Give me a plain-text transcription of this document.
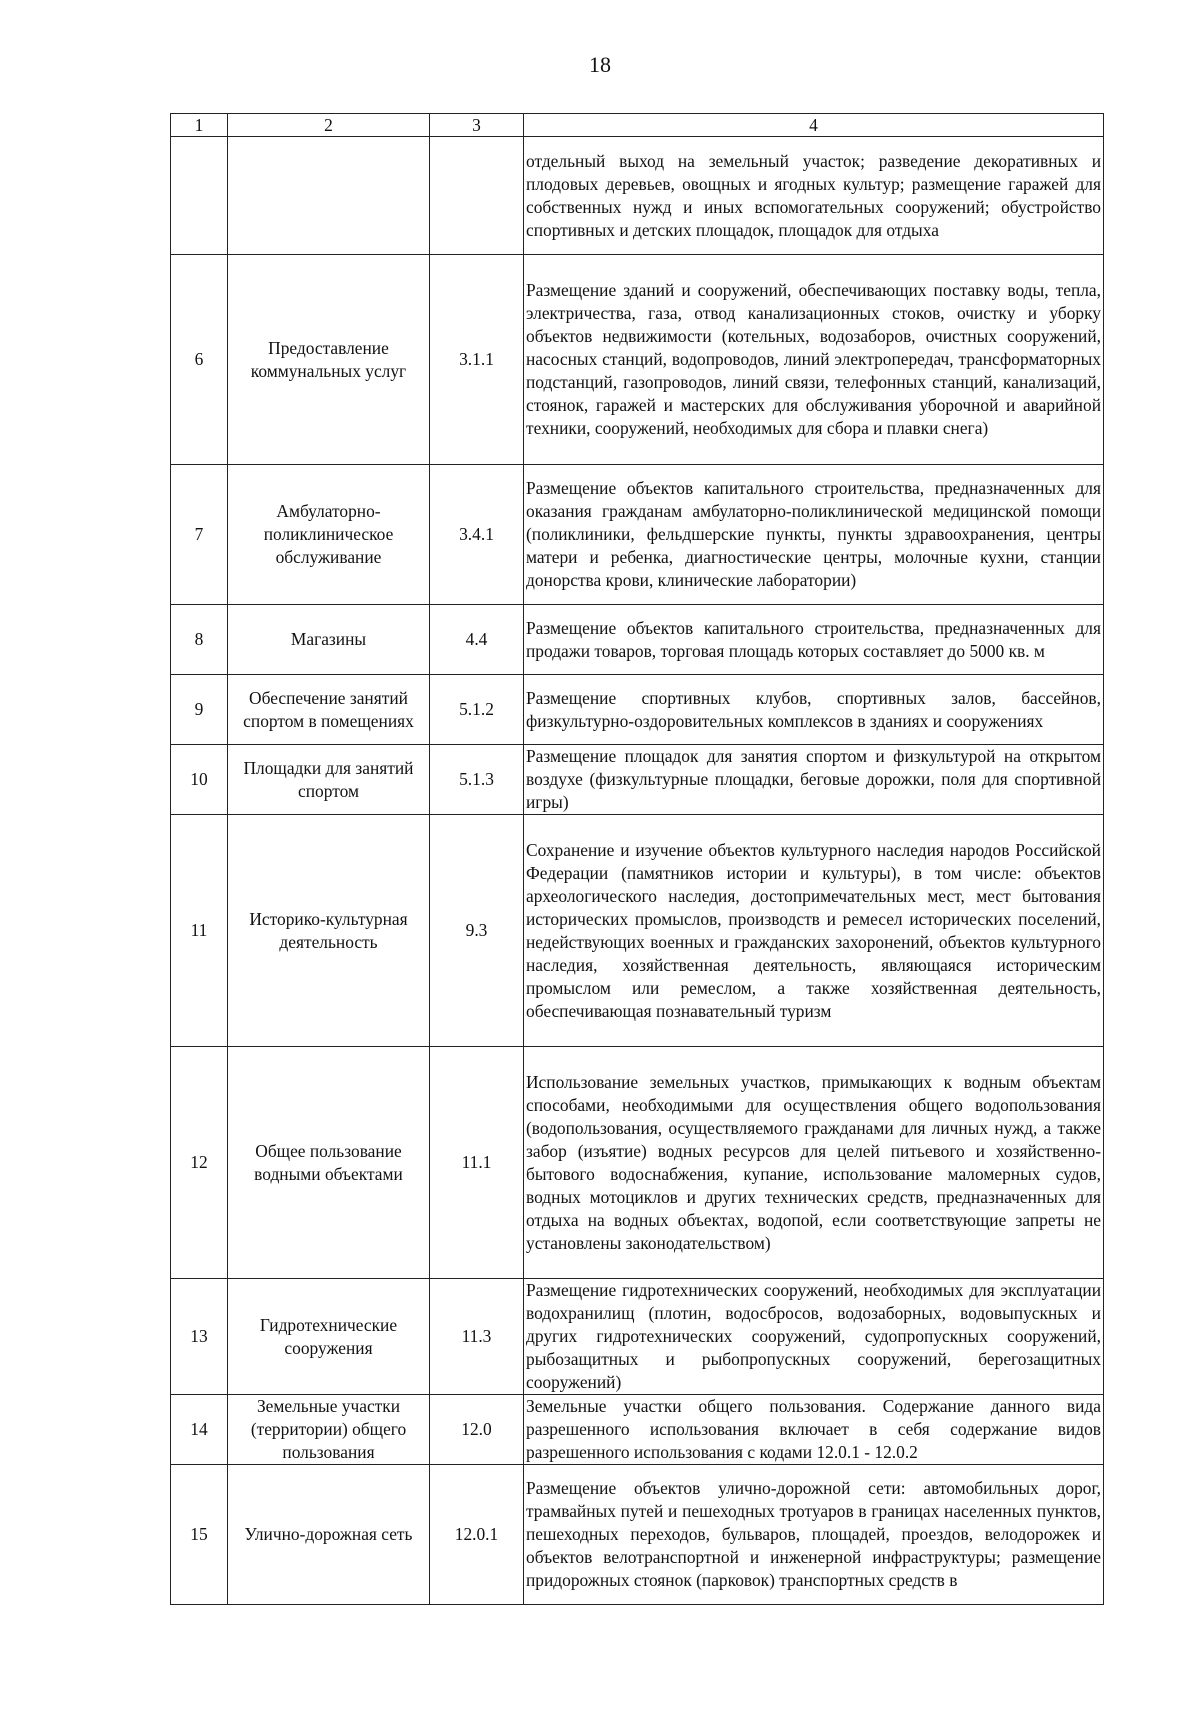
18
1	2	3	4
			отдельный выход на земельный участок; разведение декоративных и плодовых деревьев, овощных и ягодных культур; размещение гаражей для собственных нужд и иных вспомогательных сооружений; обустройство спортивных и детских площадок, площадок для отдыха
6	Предоставление коммунальных услуг	3.1.1	Размещение зданий и сооружений, обеспечивающих поставку воды, тепла, электричества, газа, отвод канализационных стоков, очистку и уборку объектов недвижимости (котельных, водозаборов, очистных сооружений, насосных станций, водопроводов, линий электропередач, трансформаторных подстанций, газопроводов, линий связи, телефонных станций, канализаций, стоянок, гаражей и мастерских для обслуживания уборочной и аварийной техники, сооружений, необходимых для сбора и плавки снега)
7	Амбулаторно-поликлиническое обслуживание	3.4.1	Размещение объектов капитального строительства, предназначенных для оказания гражданам амбулаторно-поликлинической медицинской помощи (поликлиники, фельдшерские пункты, пункты здравоохранения, центры матери и ребенка, диагностические центры, молочные кухни, станции донорства крови, клинические лаборатории)
8	Магазины	4.4	Размещение объектов капитального строительства, предназначенных для продажи товаров, торговая площадь которых составляет до 5000 кв. м
9	Обеспечение занятий спортом в помещениях	5.1.2	Размещение спортивных клубов, спортивных залов, бассейнов, физкультурно-оздоровительных комплексов в зданиях и сооружениях
10	Площадки для занятий спортом	5.1.3	Размещение площадок для занятия спортом и физкультурой на открытом воздухе (физкультурные площадки, беговые дорожки, поля для спортивной игры)
11	Историко-культурная деятельность	9.3	Сохранение и изучение объектов культурного наследия народов Российской Федерации (памятников истории и культуры), в том числе: объектов археологического наследия, достопримечательных мест, мест бытования исторических промыслов, производств и ремесел исторических поселений, недействующих военных и гражданских захоронений, объектов культурного наследия, хозяйственная деятельность, являющаяся историческим промыслом или ремеслом, а также хозяйственная деятельность, обеспечивающая познавательный туризм
12	Общее пользование водными объектами	11.1	Использование земельных участков, примыкающих к водным объектам способами, необходимыми для осуществления общего водопользования (водопользования, осуществляемого гражданами для личных нужд, а также забор (изъятие) водных ресурсов для целей питьевого и хозяйственно-бытового водоснабжения, купание, использование маломерных судов, водных мотоциклов и других технических средств, предназначенных для отдыха на водных объектах, водопой, если соответствующие запреты не установлены законодательством)
13	Гидротехнические сооружения	11.3	Размещение гидротехнических сооружений, необходимых для эксплуатации водохранилищ (плотин, водосбросов, водозаборных, водовыпускных и других гидротехнических сооружений, судопропускных сооружений, рыбозащитных и рыбопропускных сооружений, берегозащитных сооружений)
14	Земельные участки (территории) общего пользования	12.0	Земельные участки общего пользования. Содержание данного вида разрешенного использования включает в себя содержание видов разрешенного использования с кодами 12.0.1 - 12.0.2
15	Улично-дорожная сеть	12.0.1	Размещение объектов улично-дорожной сети: автомобильных дорог, трамвайных путей и пешеходных тротуаров в границах населенных пунктов, пешеходных переходов, бульваров, площадей, проездов, велодорожек и объектов велотранспортной и инженерной инфраструктуры; размещение придорожных стоянок (парковок) транспортных средств в
